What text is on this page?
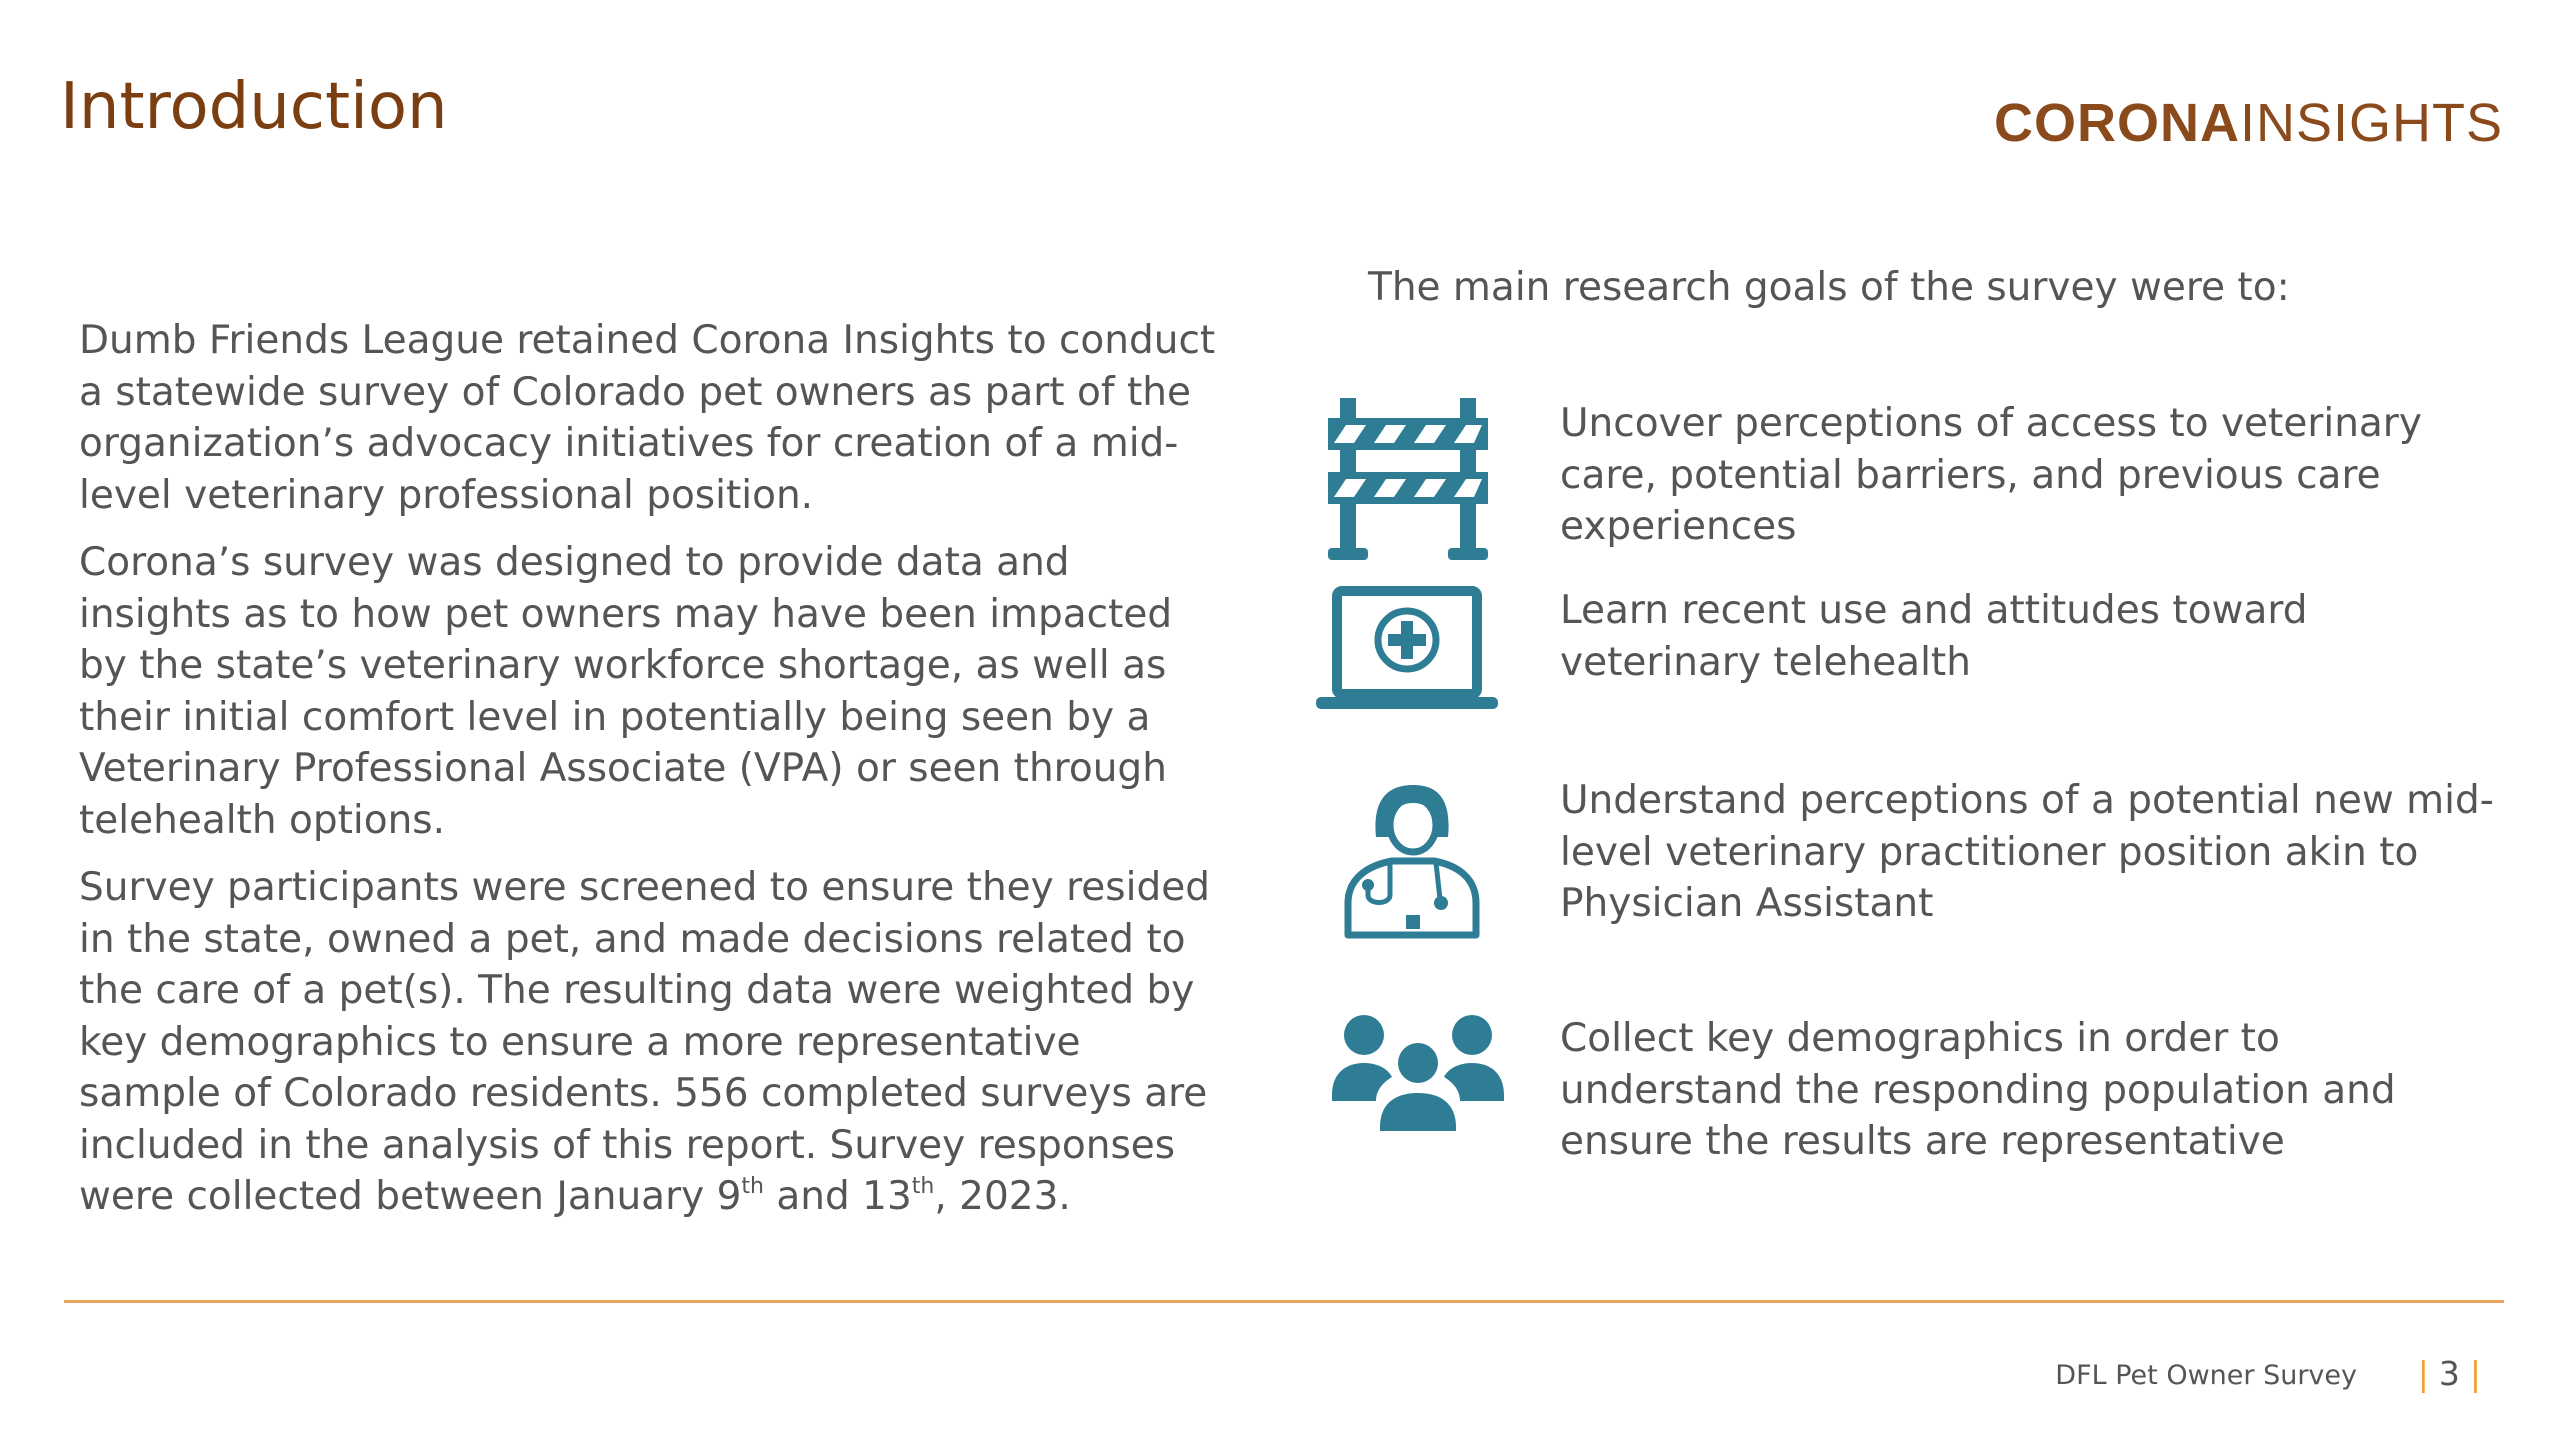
Introduction	CORONAINSIGHTS

Dumb Friends League retained Corona Insights to conduct a statewide survey of Colorado pet owners as part of the organization’s advocacy initiatives for creation of a mid-level veterinary professional position.

Corona’s survey was designed to provide data and insights as to how pet owners may have been impacted by the state’s veterinary workforce shortage, as well as their initial comfort level in potentially being seen by a Veterinary Professional Associate (VPA) or seen through telehealth options.

Survey participants were screened to ensure they resided in the state, owned a pet, and made decisions related to the care of a pet(s). The resulting data were weighted by key demographics to ensure a more representative sample of Colorado residents. 556 completed surveys are included in the analysis of this report. Survey responses were collected between January 9th and 13th, 2023.

The main research goals of the survey were to:
Uncover perceptions of access to veterinary care, potential barriers, and previous care experiences
Learn recent use and attitudes toward veterinary telehealth
Understand perceptions of a potential new mid-level veterinary practitioner position akin to Physician Assistant
Collect key demographics in order to understand the responding population and ensure the results are representative
DFL Pet Owner Survey	| 3 |
